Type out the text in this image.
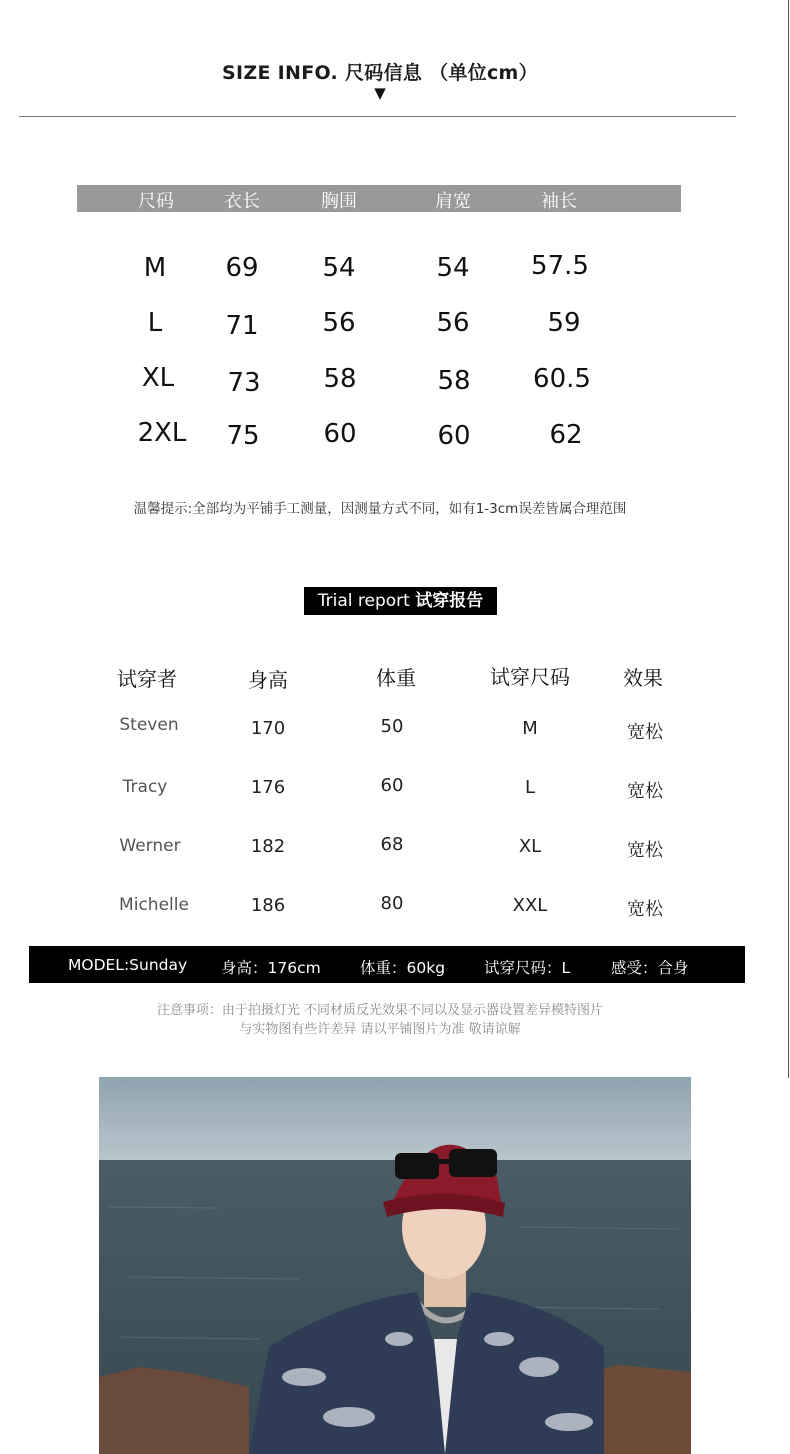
SIZE INFO. 尺码信息 （单位cm）
▼
尺码	衣长	胸围	肩宽	袖长
M 69 54	54 57.5
L 71 56	56	59
XL 73 58	58 60.5
2XL 75 60	60	62
温馨提示:全部均为平铺手工测量，因测量方式不同，如有1-3cm误差皆属合理范围
Trial report 试穿报告
试穿者	身高	体重	试穿尺码	效果
Steven	170	50	M	宽松
Tracy	176	60	L	宽松
Werner	182	68	XL	宽松
Michelle	186	80	XXL	宽松
MODEL:Sunday 身高：176cm	体重：60kg	试穿尺码：L	感受：合身
注意事项：由于拍摄灯光 不同材质反光效果不同以及显示器设置差异模特图片
与实物图有些许差异 请以平铺图片为准 敬请谅解
